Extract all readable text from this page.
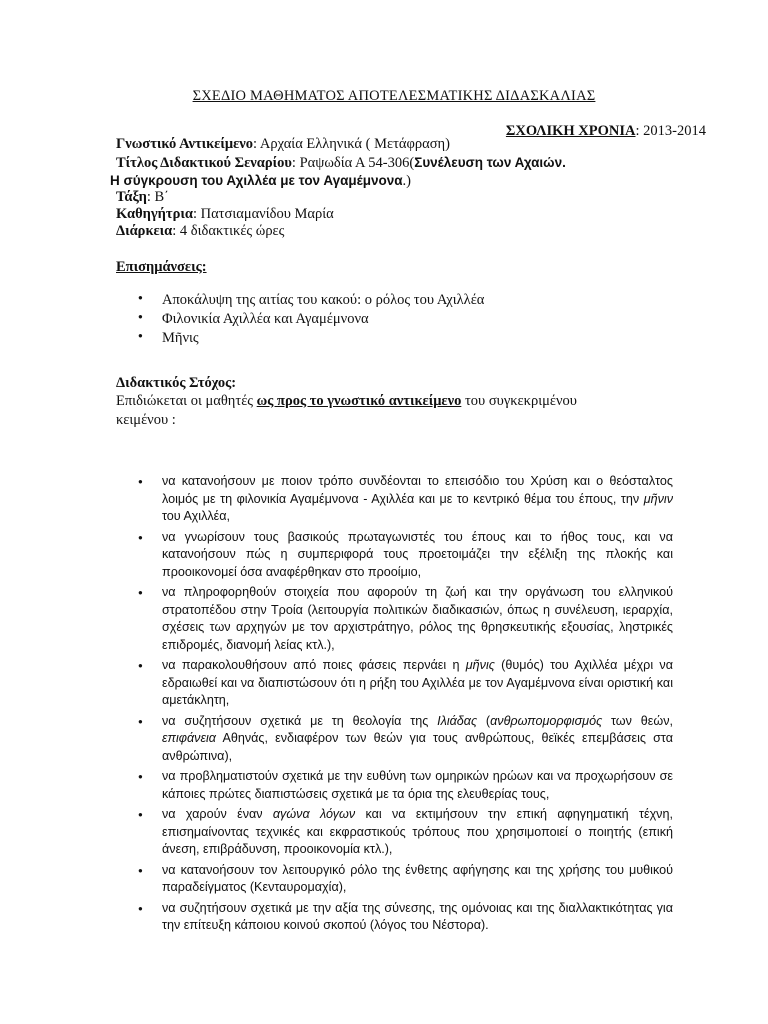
ΣΧΕΔΙΟ ΜΑΘΗΜΑΤΟΣ ΑΠΟΤΕΛΕΣΜΑΤΙΚΗΣ ΔΙΔΑΣΚΑΛΙΑΣ
ΣΧΟΛΙΚΗ ΧΡΟΝΙΑ: 2013-2014
Γνωστικό Αντικείμενο: Αρχαία Ελληνικά ( Μετάφραση)
Τίτλος Διδακτικού Σεναρίου: Ραψωδία Α 54-306(Συνέλευση των Αχαιών.
Η σύγκρουση του Αχιλλέα με τον Αγαμέμνονα.)
Τάξη: Β΄
Καθηγήτρια: Πατσιαμανίδου Μαρία
Διάρκεια: 4 διδακτικές ώρες
Επισημάνσεις:
● Αποκάλυψη της αιτίας του κακού: ο ρόλος του Αχιλλέα
● Φιλονικία Αχιλλέα και Αγαμέμνονα
● Μῆνις
Διδακτικός Στόχος:
Επιδιώκεται οι μαθητές ως προς το γνωστικό αντικείμενο του συγκεκριμένου
κειμένου :
● να κατανοήσουν με ποιον τρόπο συνδέονται το επεισόδιο του Χρύση και ο θεόσταλτος λοιμός με τη φιλονικία Αγαμέμνονα - Αχιλλέα και με το κεντρικό θέμα του έπους, την μῆνιν του Αχιλλέα,
● να γνωρίσουν τους βασικούς πρωταγωνιστές του έπους και το ήθος τους, και να κατανοήσουν πώς η συμπεριφορά τους προετοιμάζει την εξέλιξη της πλοκής και προοικονομεί όσα αναφέρθηκαν στο προοίμιο,
● να πληροφορηθούν στοιχεία που αφορούν τη ζωή και την οργάνωση του ελληνικού στρατοπέδου στην Τροία (λειτουργία πολιτικών διαδικασιών, όπως η συνέλευση, ιεραρχία, σχέσεις των αρχηγών με τον αρχιστράτηγο, ρόλος της θρησκευτικής εξουσίας, ληστρικές επιδρομές, διανομή λείας κτλ.),
● να παρακολουθήσουν από ποιες φάσεις περνάει η μῆνις (θυμός) του Αχιλλέα μέχρι να εδραιωθεί και να διαπιστώσουν ότι η ρήξη του Αχιλλέα με τον Αγαμέμνονα είναι οριστική και αμετάκλητη,
● να συζητήσουν σχετικά με τη θεολογία της Ιλιάδας (ανθρωπομορφισμός των θεών, επιφάνεια Αθηνάς, ενδιαφέρον των θεών για τους ανθρώπους, θεϊκές επεμβάσεις στα ανθρώπινα),
● να προβληματιστούν σχετικά με την ευθύνη των ομηρικών ηρώων και να προχωρήσουν σε κάποιες πρώτες διαπιστώσεις σχετικά με τα όρια της ελευθερίας τους,
● να χαρούν έναν αγώνα λόγων και να εκτιμήσουν την επική αφηγηματική τέχνη, επισημαίνοντας τεχνικές και εκφραστικούς τρόπους που χρησιμοποιεί ο ποιητής (επική άνεση, επιβράδυνση, προοικονομία κτλ.),
● να κατανοήσουν τον λειτουργικό ρόλο της ένθετης αφήγησης και της χρήσης του μυθικού παραδείγματος (Κενταυρομαχία),
● να συζητήσουν σχετικά με την αξία της σύνεσης, της ομόνοιας και της διαλλακτικότητας για την επίτευξη κάποιου κοινού σκοπού (λόγος του Νέστορα).
